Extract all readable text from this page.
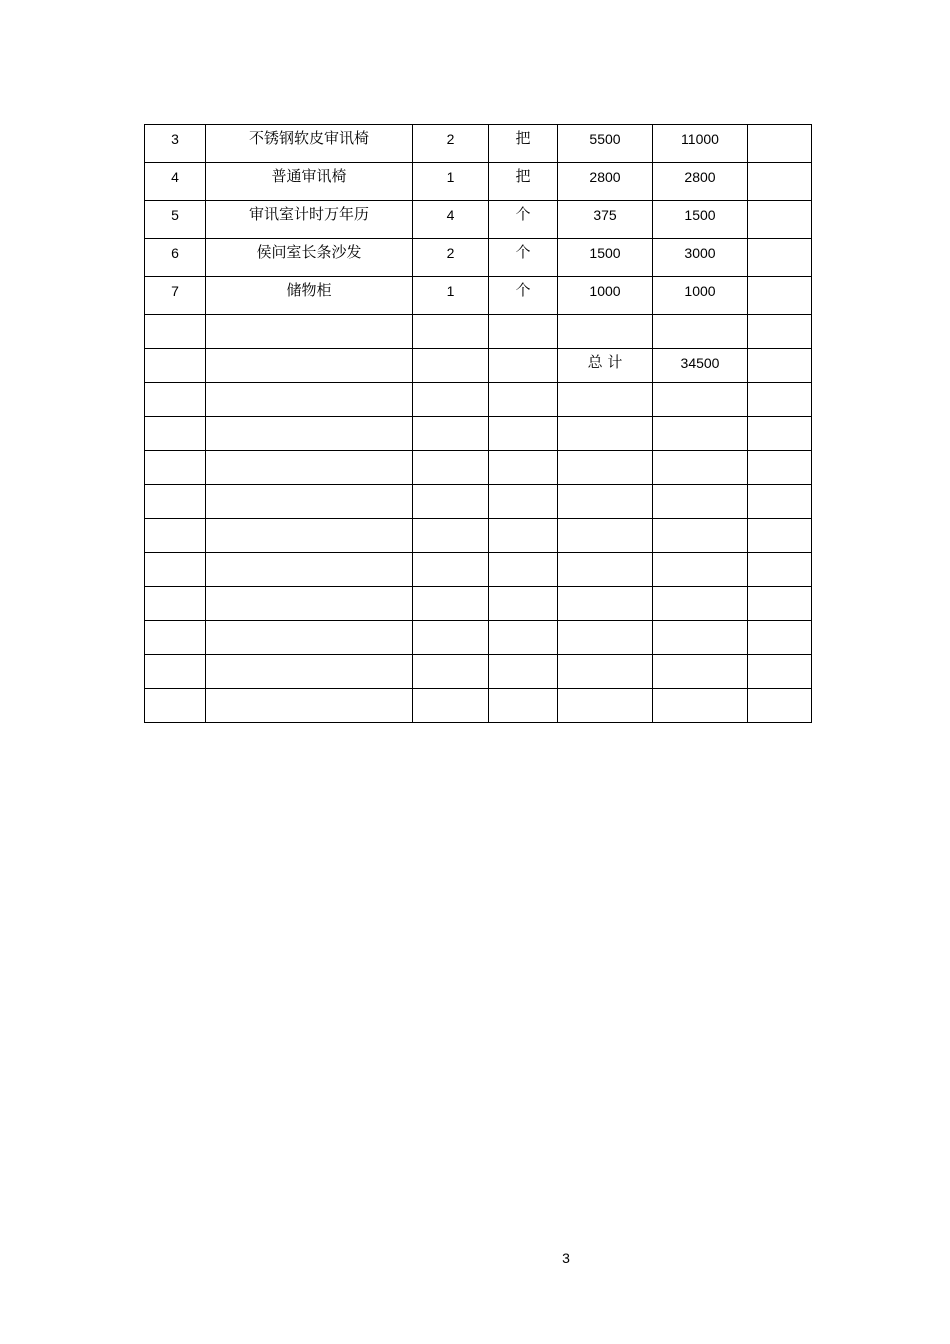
3	不锈钢软皮审讯椅	2	把	5500	11000	

4	普通审讯椅	1	把	2800	2800	

5	审讯室计时万年历	4	个	375	1500	

6	侯问室长条沙发	2	个	1500	3000	

7	储物柜	1	个	1000	1000	

				总 计	34500	

3
